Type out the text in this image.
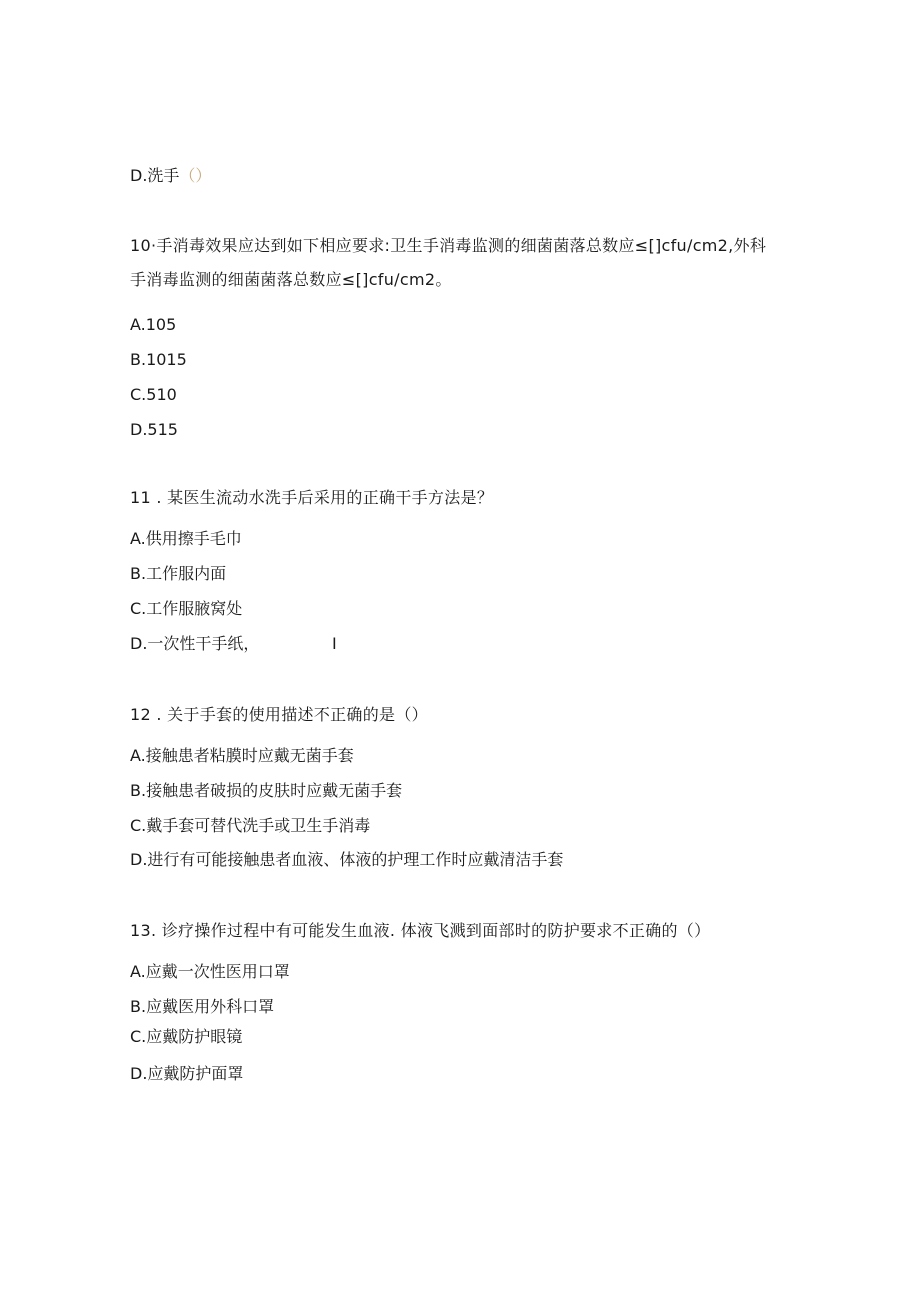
D.洗手（）
10·手消毒效果应达到如下相应要求:卫生手消毒监测的细菌菌落总数应≤[]cfu∕cm2,外科
手消毒监测的细菌菌落总数应≤[]cfu∕cm2。
A.105
B.1015
C.510
D.515
11 . 某医生流动水洗手后采用的正确干手方法是？
A.供用擦手毛巾
B.工作服内面
C.工作服腋窝处
D.一次性干手纸，	I
12 . 关于手套的使用描述不正确的是（）
A.接触患者粘膜时应戴无菌手套
B.接触患者破损的皮肤时应戴无菌手套
C.戴手套可替代洗手或卫生手消毒
D.进行有可能接触患者血液、体液的护理工作时应戴清洁手套
13. 诊疗操作过程中有可能发生血液. 体液飞溅到面部时的防护要求不正确的（）
A.应戴一次性医用口罩
B.应戴医用外科口罩
C.应戴防护眼镜
D.应戴防护面罩
